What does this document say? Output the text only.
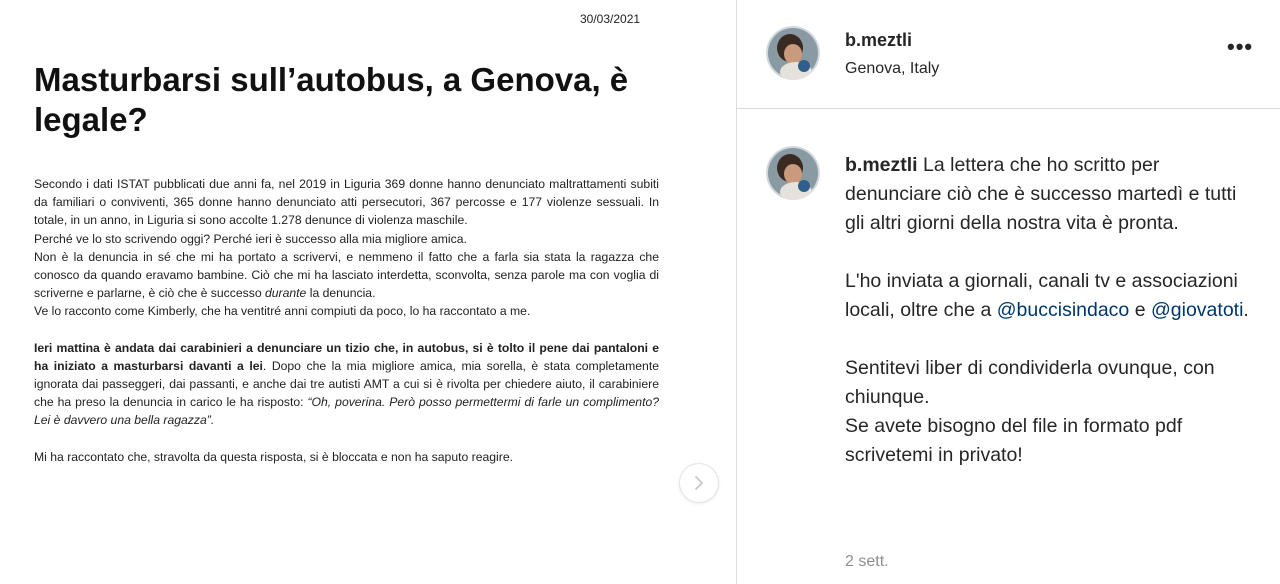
30/03/2021
Masturbarsi sull’autobus, a Genova, è legale?

Secondo i dati ISTAT pubblicati due anni fa, nel 2019 in Liguria 369 donne hanno denunciato maltrattamenti subiti da familiari o conviventi, 365 donne hanno denunciato atti persecutori, 367 percosse e 177 violenze sessuali. In totale, in un anno, in Liguria si sono accolte 1.278 denunce di violenza maschile.

Perché ve lo sto scrivendo oggi? Perché ieri è successo alla mia migliore amica.

Non è la denuncia in sé che mi ha portato a scrivervi, e nemmeno il fatto che a farla sia stata la ragazza che conosco da quando eravamo bambine. Ciò che mi ha lasciato interdetta, sconvolta, senza parole ma con voglia di scriverne e parlarne, è ciò che è successo durante la denuncia.

Ve lo racconto come Kimberly, che ha ventitré anni compiuti da poco, lo ha raccontato a me.

Ieri mattina è andata dai carabinieri a denunciare un tizio che, in autobus, si è tolto il pene dai pantaloni e ha iniziato a masturbarsi davanti a lei. Dopo che la mia migliore amica, mia sorella, è stata completamente ignorata dai passeggeri, dai passanti, e anche dai tre autisti AMT a cui si è rivolta per chiedere aiuto, il carabiniere che ha preso la denuncia in carico le ha risposto: “Oh, poverina. Però posso permettermi di farle un complimento? Lei è davvero una bella ragazza”.

Mi ha raccontato che, stravolta da questa risposta, si è bloccata e non ha saputo reagire.

b.meztli
Genova, Italy
•••

b.meztli La lettera che ho scritto per denunciare ciò che è successo martedì e tutti gli altri giorni della nostra vita è pronta.

L'ho inviata a giornali, canali tv e associazioni locali, oltre che a @buccisindaco e @giovatoti.

Sentitevi liber di condividerla ovunque, con chiunque.

Se avete bisogno del file in formato pdf scrivetemi in privato!

2 sett.
